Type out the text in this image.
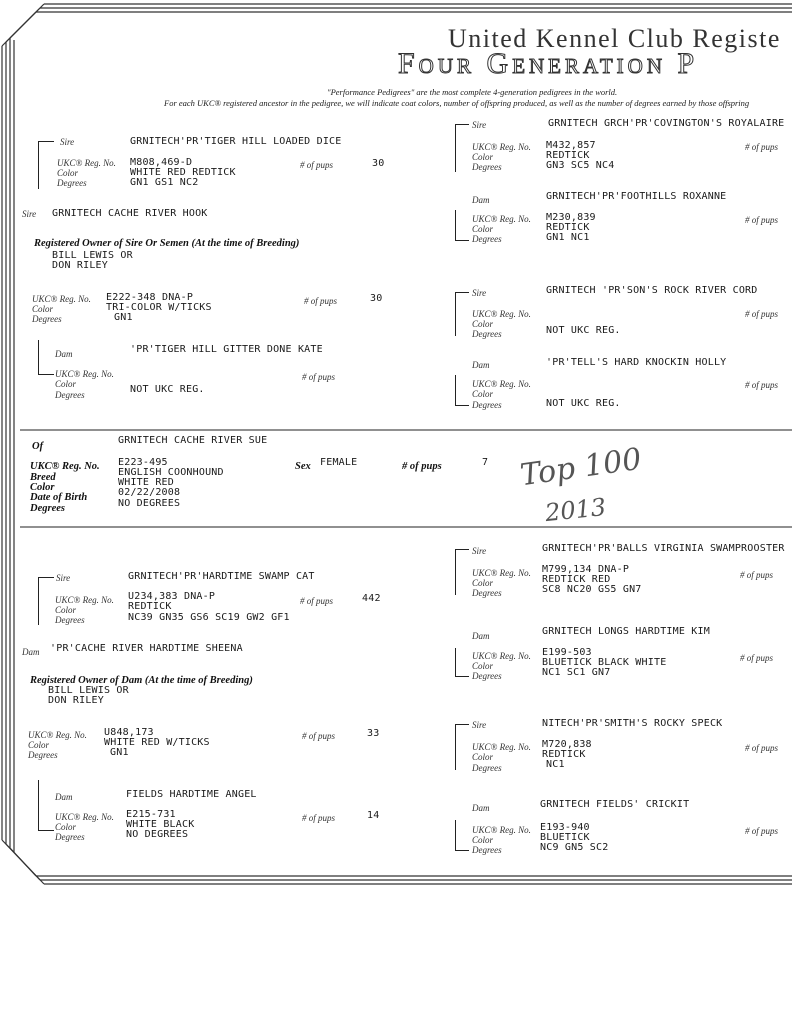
United Kennel Club Registe
Four Generation P
"Performance Pedigrees" are the most complete 4-generation pedigrees in the world.
For each UKC® registered ancestor in the pedigree, we will indicate coat colors, number of offspring produced, as well as the number of degrees earned by those offspring
Sire	GRNITECH'PR'TIGER HILL LOADED DICE
UKC® Reg. No. M808,469-D
Color	WHITE RED REDTICK
Degrees	GN1 GS1 NC2
# of pups	30
Sire GRNITECH CACHE RIVER HOOK
Registered Owner of Sire Or Semen (At the time of Breeding)
BILL LEWIS OR
DON RILEY
UKC® Reg. No. E222-348 DNA-P
Color	TRI-COLOR W/TICKS
Degrees	GN1
# of pups	30
Dam	'PR'TIGER HILL GITTER DONE KATE
UKC® Reg. No.
Color
Degrees	NOT UKC REG.
# of pups
Sire	GRNITECH GRCH'PR'COVINGTON'S ROYALAIRE
UKC® Reg. No. M432,857
Color	REDTICK
Degrees	GN3 SC5 NC4
# of pups
Dam	GRNITECH'PR'FOOTHILLS ROXANNE
UKC® Reg. No. M230,839
Color	REDTICK
Degrees	GN1 NC1
# of pups
Sire	GRNITECH 'PR'SON'S ROCK RIVER CORD
UKC® Reg. No.
Color
Degrees	NOT UKC REG.
# of pups
Dam	'PR'TELL'S HARD KNOCKIN HOLLY
UKC® Reg. No.
Color
Degrees	NOT UKC REG.
# of pups
Of
GRNITECH CACHE RIVER SUE
UKC® Reg. No. E223-495
Breed	ENGLISH COONHOUND
Color	WHITE RED
Date of Birth	02/22/2008
Degrees	NO DEGREES
Sex FEMALE	# of pups	7 Top 100
2013
Sire	GRNITECH'PR'HARDTIME SWAMP CAT
UKC® Reg. No. U234,383 DNA-P
Color	REDTICK
Degrees	NC39 GN35 GS6 SC19 GW2 GF1
# of pups	442
Dam 'PR'CACHE RIVER HARDTIME SHEENA
Registered Owner of Dam (At the time of Breeding)
BILL LEWIS OR
DON RILEY
UKC® Reg. No. U848,173
Color	WHITE RED W/TICKS
Degrees	GN1
# of pups	33
Dam	FIELDS HARDTIME ANGEL
UKC® Reg. No. E215-731
Color	WHITE BLACK
Degrees	NO DEGREES
# of pups	14
Sire	GRNITECH'PR'BALLS VIRGINIA SWAMPROOSTER
UKC® Reg. No. M799,134 DNA-P
Color	REDTICK RED
Degrees	SC8 NC20 GS5 GN7
# of pups
Dam	GRNITECH LONGS HARDTIME KIM
UKC® Reg. No. E199-503
Color	BLUETICK BLACK WHITE
Degrees	NC1 SC1 GN7
# of pups
Sire	NITECH'PR'SMITH'S ROCKY SPECK
UKC® Reg. No. M720,838
Color	REDTICK
Degrees	NC1
# of pups
Dam	GRNITECH FIELDS' CRICKIT
UKC® Reg. No. E193-940
Color	BLUETICK
Degrees	NC9 GN5 SC2
# of pups
